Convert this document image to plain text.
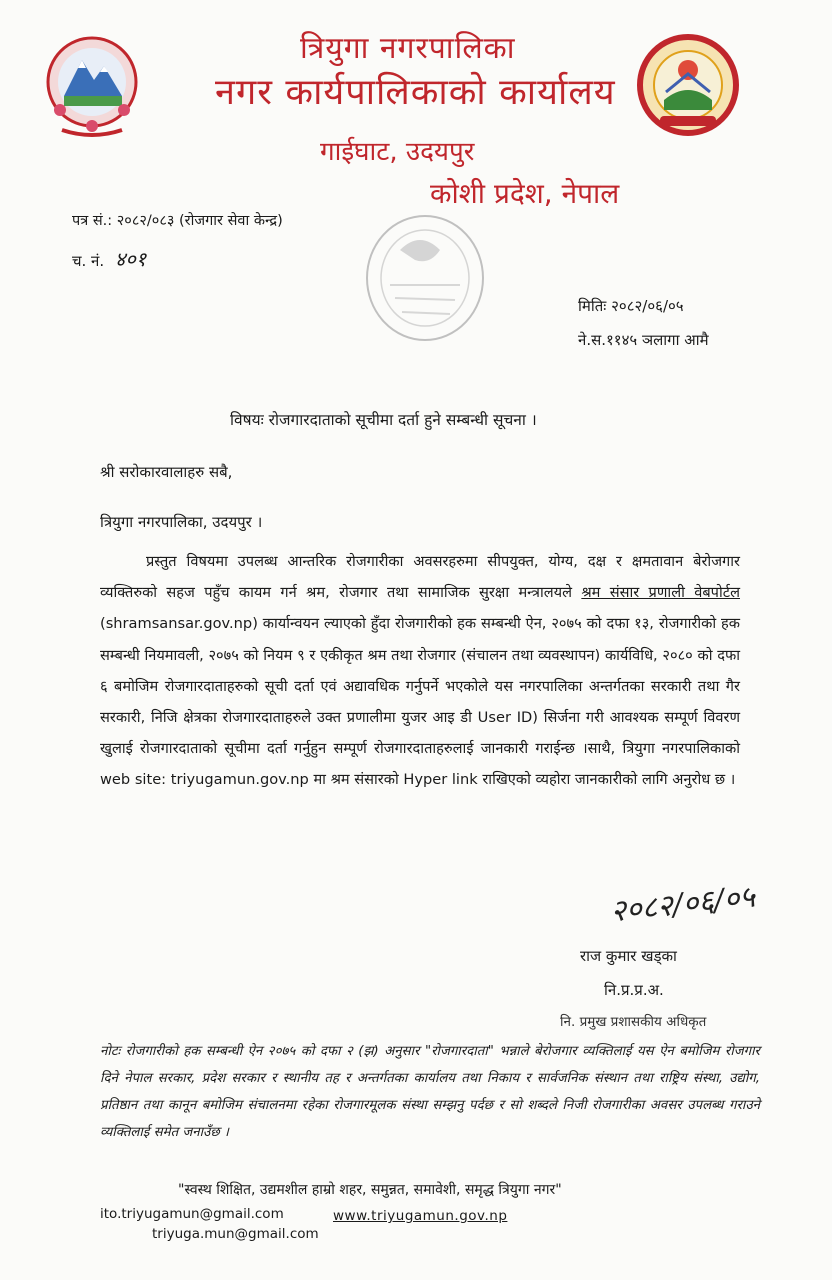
त्रियुगा नगरपालिका
नगर कार्यपालिकाको कार्यालय
गाईघाट, उदयपुर
कोशी प्रदेश, नेपाल
पत्र सं.: २०८२/०८३ (रोजगार सेवा केन्द्र)
च. नं. ४०१
मितिः २०८२/०६/०५
ने.स.११४५ ञलागा आमै
विषयः रोजगारदाताको सूचीमा दर्ता हुने सम्बन्धी सूचना ।
श्री सरोकारवालाहरु सबै,
त्रियुगा नगरपालिका, उदयपुर ।
प्रस्तुत विषयमा उपलब्ध आन्तरिक रोजगारीका अवसरहरुमा सीपयुक्त, योग्य, दक्ष र क्षमतावान बेरोजगार व्यक्तिरुको सहज पहुँच कायम गर्न श्रम, रोजगार तथा सामाजिक सुरक्षा मन्त्रालयले श्रम संसार प्रणाली वेबपोर्टल (shramsansar.gov.np) कार्यान्वयन ल्याएको हुँदा रोजगारीको हक सम्बन्धी ऐन, २०७५ को दफा १३, रोजगारीको हक सम्बन्धी नियमावली, २०७५ को नियम ९ र एकीकृत श्रम तथा रोजगार (संचालन तथा व्यवस्थापन) कार्यविधि, २०८० को दफा ६ बमोजिम रोजगारदाताहरुको सूची दर्ता एवं अद्यावधिक गर्नुपर्ने भएकोले यस नगरपालिका अन्तर्गतका सरकारी तथा गैर सरकारी, निजि क्षेत्रका रोजगारदाताहरुले उक्त प्रणालीमा युजर आइ डी User ID) सिर्जना गरी आवश्यक सम्पूर्ण विवरण खुलाई रोजगारदाताको सूचीमा दर्ता गर्नुहुन सम्पूर्ण रोजगारदाताहरुलाई जानकारी गराईन्छ ।साथै, त्रियुगा नगरपालिकाको web site: triyugamun.gov.np मा श्रम संसारको Hyper link राखिएको व्यहोरा जानकारीको लागि अनुरोध छ ।
२०८२/०६/०५
राज कुमार खड्का
नि.प्र.प्र.अ.
नि. प्रमुख प्रशासकीय अधिकृत
नोटः रोजगारीको हक सम्बन्धी ऐन २०७५ को दफा २ (झ) अनुसार "रोजगारदाता" भन्नाले बेरोजगार व्यक्तिलाई यस ऐन बमोजिम रोजगार दिने नेपाल सरकार, प्रदेश सरकार र स्थानीय तह र अन्तर्गतका कार्यालय तथा निकाय र सार्वजनिक संस्थान तथा राष्ट्रिय संस्था, उद्योग, प्रतिष्ठान तथा कानून बमोजिम संचालनमा रहेका रोजगारमूलक संस्था सम्झनु पर्दछ र सो शब्दले निजी रोजगारीका अवसर उपलब्ध गराउने व्यक्तिलाई समेत जनाउँछ ।
"स्वस्थ शिक्षित, उद्यमशील हाम्रो शहर, समुन्नत, समावेशी, समृद्ध त्रियुगा नगर"
ito.triyugamun@gmail.com
triyuga.mun@gmail.com
www.triyugamun.gov.np
